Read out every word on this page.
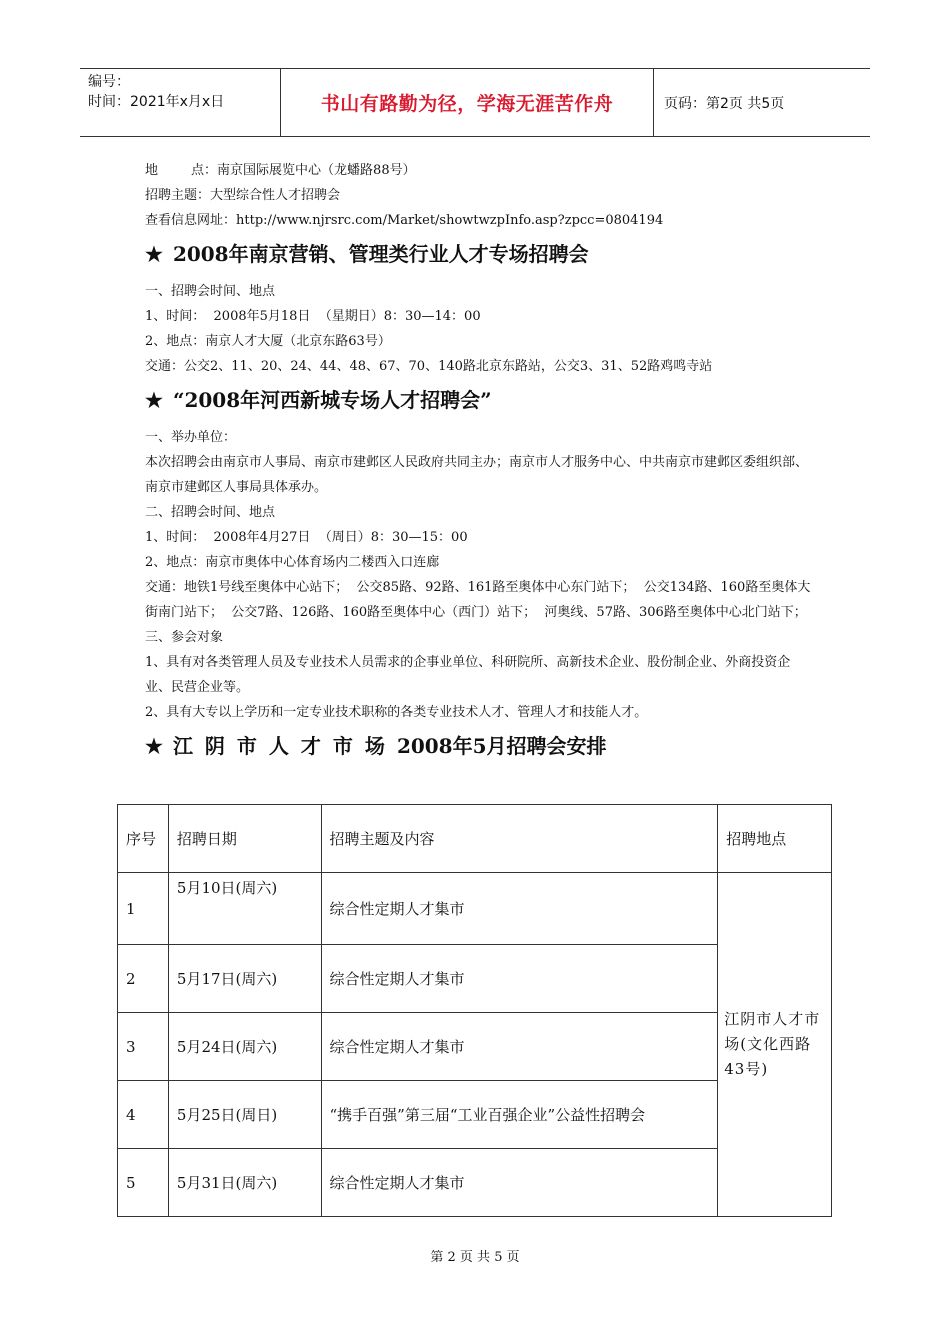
编号：
时间：2021年x月x日	书山有路勤为径，学海无涯苦作舟	页码：第2页 共5页
地        点：南京国际展览中心（龙蟠路88号）
招聘主题：大型综合性人才招聘会
查看信息网址：http://www.njrsrc.com/Market/showtwzpInfo.asp?zpcc=0804194
★ 2008年南京营销、管理类行业人才专场招聘会
一、招聘会时间、地点
1、时间：  2008年5月18日  （星期日）8：30—14：00
2、地点：南京人才大厦（北京东路63号）
交通：公交2、11、20、24、44、48、67、70、140路北京东路站，公交3、31、52路鸡鸣寺站
★ “2008年河西新城专场人才招聘会”
一、举办单位：
本次招聘会由南京市人事局、南京市建邺区人民政府共同主办；南京市人才服务中心、中共南京市建邺区委组织部、南京市建邺区人事局具体承办。
二、招聘会时间、地点
1、时间：  2008年4月27日  （周日）8：30—15：00
2、地点：南京市奥体中心体育场内二楼西入口连廊
交通：地铁1号线至奥体中心站下；  公交85路、92路、161路至奥体中心东门站下；  公交134路、160路至奥体大街南门站下；  公交7路、126路、160路至奥体中心（西门）站下；  河奥线、57路、306路至奥体中心北门站下；
三、参会对象
1、具有对各类管理人员及专业技术人员需求的企事业单位、科研院所、高新技术企业、股份制企业、外商投资企业、民营企业等。
2、具有大专以上学历和一定专业技术职称的各类专业技术人才、管理人才和技能人才。
★ 江阴市人才市场2008年5月招聘会安排
序号	招聘日期	招聘主题及内容	招聘地点
1	5月10日(周六)	综合性定期人才集市	江阴市人才市场(文化西路43号)
2	5月17日(周六)	综合性定期人才集市	
3	5月24日(周六)	综合性定期人才集市	
4	5月25日(周日)	“携手百强”第三届“工业百强企业”公益性招聘会	
5	5月31日(周六)	综合性定期人才集市	
第 2 页 共 5 页
